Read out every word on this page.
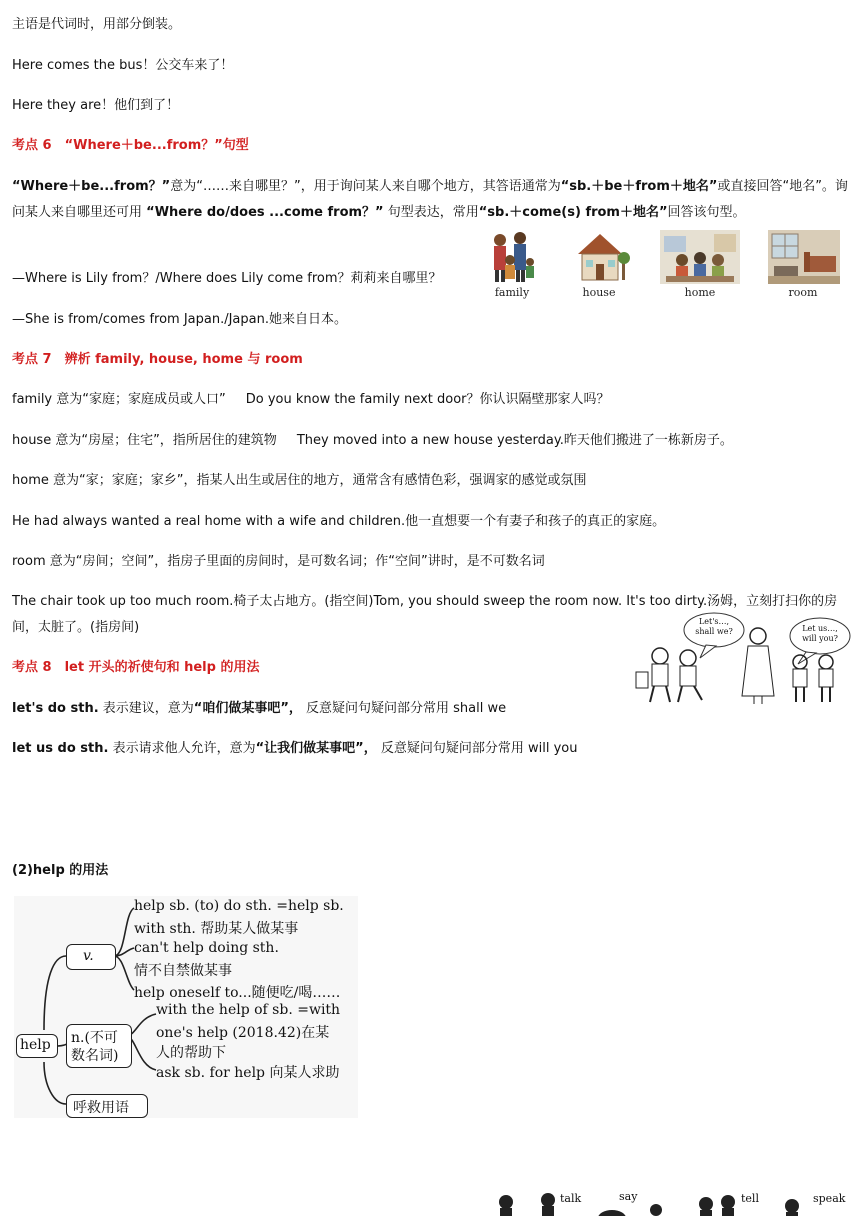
主语是代词时，用部分倒装。
Here comes the bus！公交车来了！
Here they are！他们到了！
考点 6　“Where＋be...from？”句型
“Where＋be...from？”意为“……来自哪里？”，用于询问某人来自哪个地方，其答语通常为“sb.＋be＋from＋地名”或直接回答“地名”。询问某人来自哪里还可用 “Where do/does ...come from？” 句型表达，常用“sb.＋come(s) from＋地名”回答该句型。
—Where is Lily from？/Where does Lily come from？莉莉来自哪里？
—She is from/comes from Japan./Japan.她来自日本。
考点 7　辨析 family, house, home 与 room
family 意为“家庭；家庭成员或人口” Do you know the family next door？你认识隔壁那家人吗？
house 意为“房屋；住宅”，指所居住的建筑物 They moved into a new house yesterday.昨天他们搬进了一栋新房子。
home 意为“家；家庭；家乡”，指某人出生或居住的地方，通常含有感情色彩，强调家的感觉或氛围
He had always wanted a real home with a wife and children.他一直想要一个有妻子和孩子的真正的家庭。
room 意为“房间；空间”，指房子里面的房间时，是可数名词；作“空间”讲时，是不可数名词
The chair took up too much room.椅子太占地方。(指空间)Tom, you should sweep the room now. It's too dirty.汤姆，立刻打扫你的房间，太脏了。(指房间)
考点 8　let 开头的祈使句和 help 的用法
let's do sth. 表示建议，意为“咱们做某事吧”， 反意疑问句疑问部分常用 shall we
let us do sth. 表示请求他人允许，意为“让我们做某事吧”， 反意疑问句疑问部分常用 will you
(2)help 的用法
family	house	home	room
Let's…, shall we?	Let us…, will you?
help
v.
help sb. (to) do sth. =help sb.
with sth. 帮助某人做某事
can't help doing sth.
情不自禁做某事
help oneself to...随便吃/喝……
n.(不可
数名词)
with the help of sb. =with
one's help (2018.42)在某
人的帮助下
ask sb. for help 向某人求助
呼救用语
talk	say	tell	speak
